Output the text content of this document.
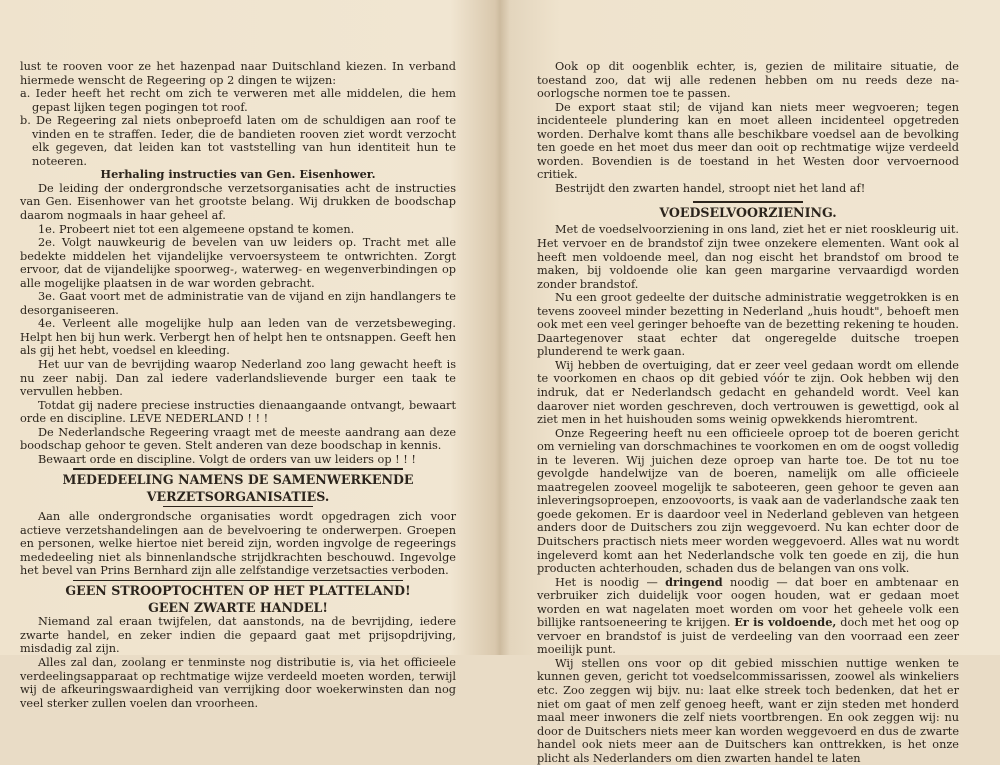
lust te rooven voor ze het hazenpad naar Duitschland kiezen. In verband hiermede wenscht de Regeering op 2 dingen te wijzen:

a. Ieder heeft het recht om zich te verweren met alle middelen, die hem gepast lijken tegen pogingen tot roof.

b. De Regeering zal niets onbeproefd laten om de schuldigen aan roof te vinden en te straffen. Ieder, die de bandieten rooven ziet wordt verzocht elk gegeven, dat leiden kan tot vaststelling van hun identiteit hun te noteeren.

Herhaling instructies van Gen. Eisenhower.

De leiding der ondergrondsche verzetsorganisaties acht de instructies van Gen. Eisenhower van het grootste belang. Wij drukken de boodschap daarom nogmaals in haar geheel af.

1e. Probeert niet tot een algemeene opstand te komen.

2e. Volgt nauwkeurig de bevelen van uw leiders op. Tracht met alle bedekte middelen het vijandelijke vervoersysteem te ontwrichten. Zorgt ervoor, dat de vijandelijke spoorweg-, waterweg- en wegenverbindingen op alle mogelijke plaatsen in de war worden gebracht.

3e. Gaat voort met de administratie van de vijand en zijn handlangers te desorganiseeren.

4e. Verleent alle mogelijke hulp aan leden van de verzetsbeweging. Helpt hen bij hun werk. Verbergt hen of helpt hen te ontsnappen. Geeft hen als gij het hebt, voedsel en kleeding.

Het uur van de bevrijding waarop Nederland zoo lang gewacht heeft is nu zeer nabij. Dan zal iedere vaderlandslievende burger een taak te vervullen hebben.

Totdat gij nadere preciese instructies dienaangaande ontvangt, bewaart orde en discipline. LEVE NEDERLAND ! ! !

De Nederlandsche Regeering vraagt met de meeste aandrang aan deze boodschap gehoor te geven. Stelt anderen van deze boodschap in kennis.

Bewaart orde en discipline. Volgt de orders van uw leiders op ! ! !

MEDEDEELING NAMENS DE SAMENWERKENDE

VERZETSORGANISATIES.

Aan alle ondergrondsche organisaties wordt opgedragen zich voor actieve verzetshandelingen aan de bevelvoering te onderwerpen. Groepen en personen, welke hiertoe niet bereid zijn, worden ingvolge de regeerings mededeeling niet als binnenlandsche strijdkrachten beschouwd. Ingevolge het bevel van Prins Bernhard zijn alle zelfstandige verzetsacties verboden.

GEEN STROOPTOCHTEN OP HET PLATTELAND!

GEEN ZWARTE HANDEL!

Niemand zal eraan twijfelen, dat aanstonds, na de bevrijding, iedere zwarte handel, en zeker indien die gepaard gaat met prijsopdrijving, misdadig zal zijn.

Alles zal dan, zoolang er tenminste nog distributie is, via het officieele verdeelingsapparaat op rechtmatige wijze verdeeld moeten worden, terwijl wij de afkeuringswaardigheid van verrijking door woekerwinsten dan nog veel sterker zullen voelen dan vroorheen.

Ook op dit oogenblik echter, is, gezien de militaire situatie, de toestand zoo, dat wij alle redenen hebben om nu reeds deze na-oorlogsche normen toe te passen.

De export staat stil; de vijand kan niets meer wegvoeren; tegen incidenteele plundering kan en moet alleen incidenteel opgetreden worden. Derhalve komt thans alle beschikbare voedsel aan de bevolking ten goede en het moet dus meer dan ooit op rechtmatige wijze verdeeld worden. Bovendien is de toestand in het Westen door vervoernood critiek.

Bestrijdt den zwarten handel, stroopt niet het land af!

VOEDSELVOORZIENING.

Met de voedselvoorziening in ons land, ziet het er niet rooskleurig uit. Het vervoer en de brandstof zijn twee onzekere elementen. Want ook al heeft men voldoende meel, dan nog eischt het brandstof om brood te maken, bij voldoende olie kan geen margarine vervaardigd worden zonder brandstof.

Nu een groot gedeelte der duitsche administratie weggetrokken is en tevens zooveel minder bezetting in Nederland „huis houdt", behoeft men ook met een veel geringer behoefte van de bezetting rekening te houden. Daartegenover staat echter dat ongeregelde duitsche troepen plunderend te werk gaan.

Wij hebben de overtuiging, dat er zeer veel gedaan wordt om ellende te voorkomen en chaos op dit gebied vóór te zijn. Ook hebben wij den indruk, dat er Nederlandsch gedacht en gehandeld wordt. Veel kan daarover niet worden geschreven, doch vertrouwen is gewettigd, ook al ziet men in het huishouden soms weinig opwekkends hieromtrent.

Onze Regeering heeft nu een officieele oproep tot de boeren gericht om vernieling van dorschmachines te voorkomen en om de oogst volledig in te leveren. Wij juichen deze oproep van harte toe. De tot nu toe gevolgde handelwijze van de boeren, namelijk om alle officieele maatregelen zooveel mogelijk te saboteeren, geen gehoor te geven aan inleveringsoproepen, enzoovoorts, is vaak aan de vaderlandsche zaak ten goede gekomen. Er is daardoor veel in Nederland gebleven van hetgeen anders door de Duitschers zou zijn weggevoerd. Nu kan echter door de Duitschers practisch niets meer worden weggevoerd. Alles wat nu wordt ingeleverd komt aan het Nederlandsche volk ten goede en zij, die hun producten achterhouden, schaden dus de belangen van ons volk.

Het is noodig — dringend noodig — dat boer en ambtenaar en verbruiker zich duidelijk voor oogen houden, wat er gedaan moet worden en wat nagelaten moet worden om voor het geheele volk een billijke rantsoeneering te krijgen. Er is voldoende, doch met het oog op vervoer en brandstof is juist de verdeeling van den voorraad een zeer moeilijk punt.

Wij stellen ons voor op dit gebied misschien nuttige wenken te kunnen geven, gericht tot voedselcommissarissen, zoowel als winkeliers etc. Zoo zeggen wij bijv. nu: laat elke streek toch bedenken, dat het er niet om gaat of men zelf genoeg heeft, want er zijn steden met honderd maal meer inwoners die zelf niets voortbrengen. En ook zeggen wij: nu door de Duitschers niets meer kan worden weggevoerd en dus de zwarte handel ook niets meer aan de Duitschers kan onttrekken, is het onze plicht als Nederlanders om dien zwarten handel te laten
